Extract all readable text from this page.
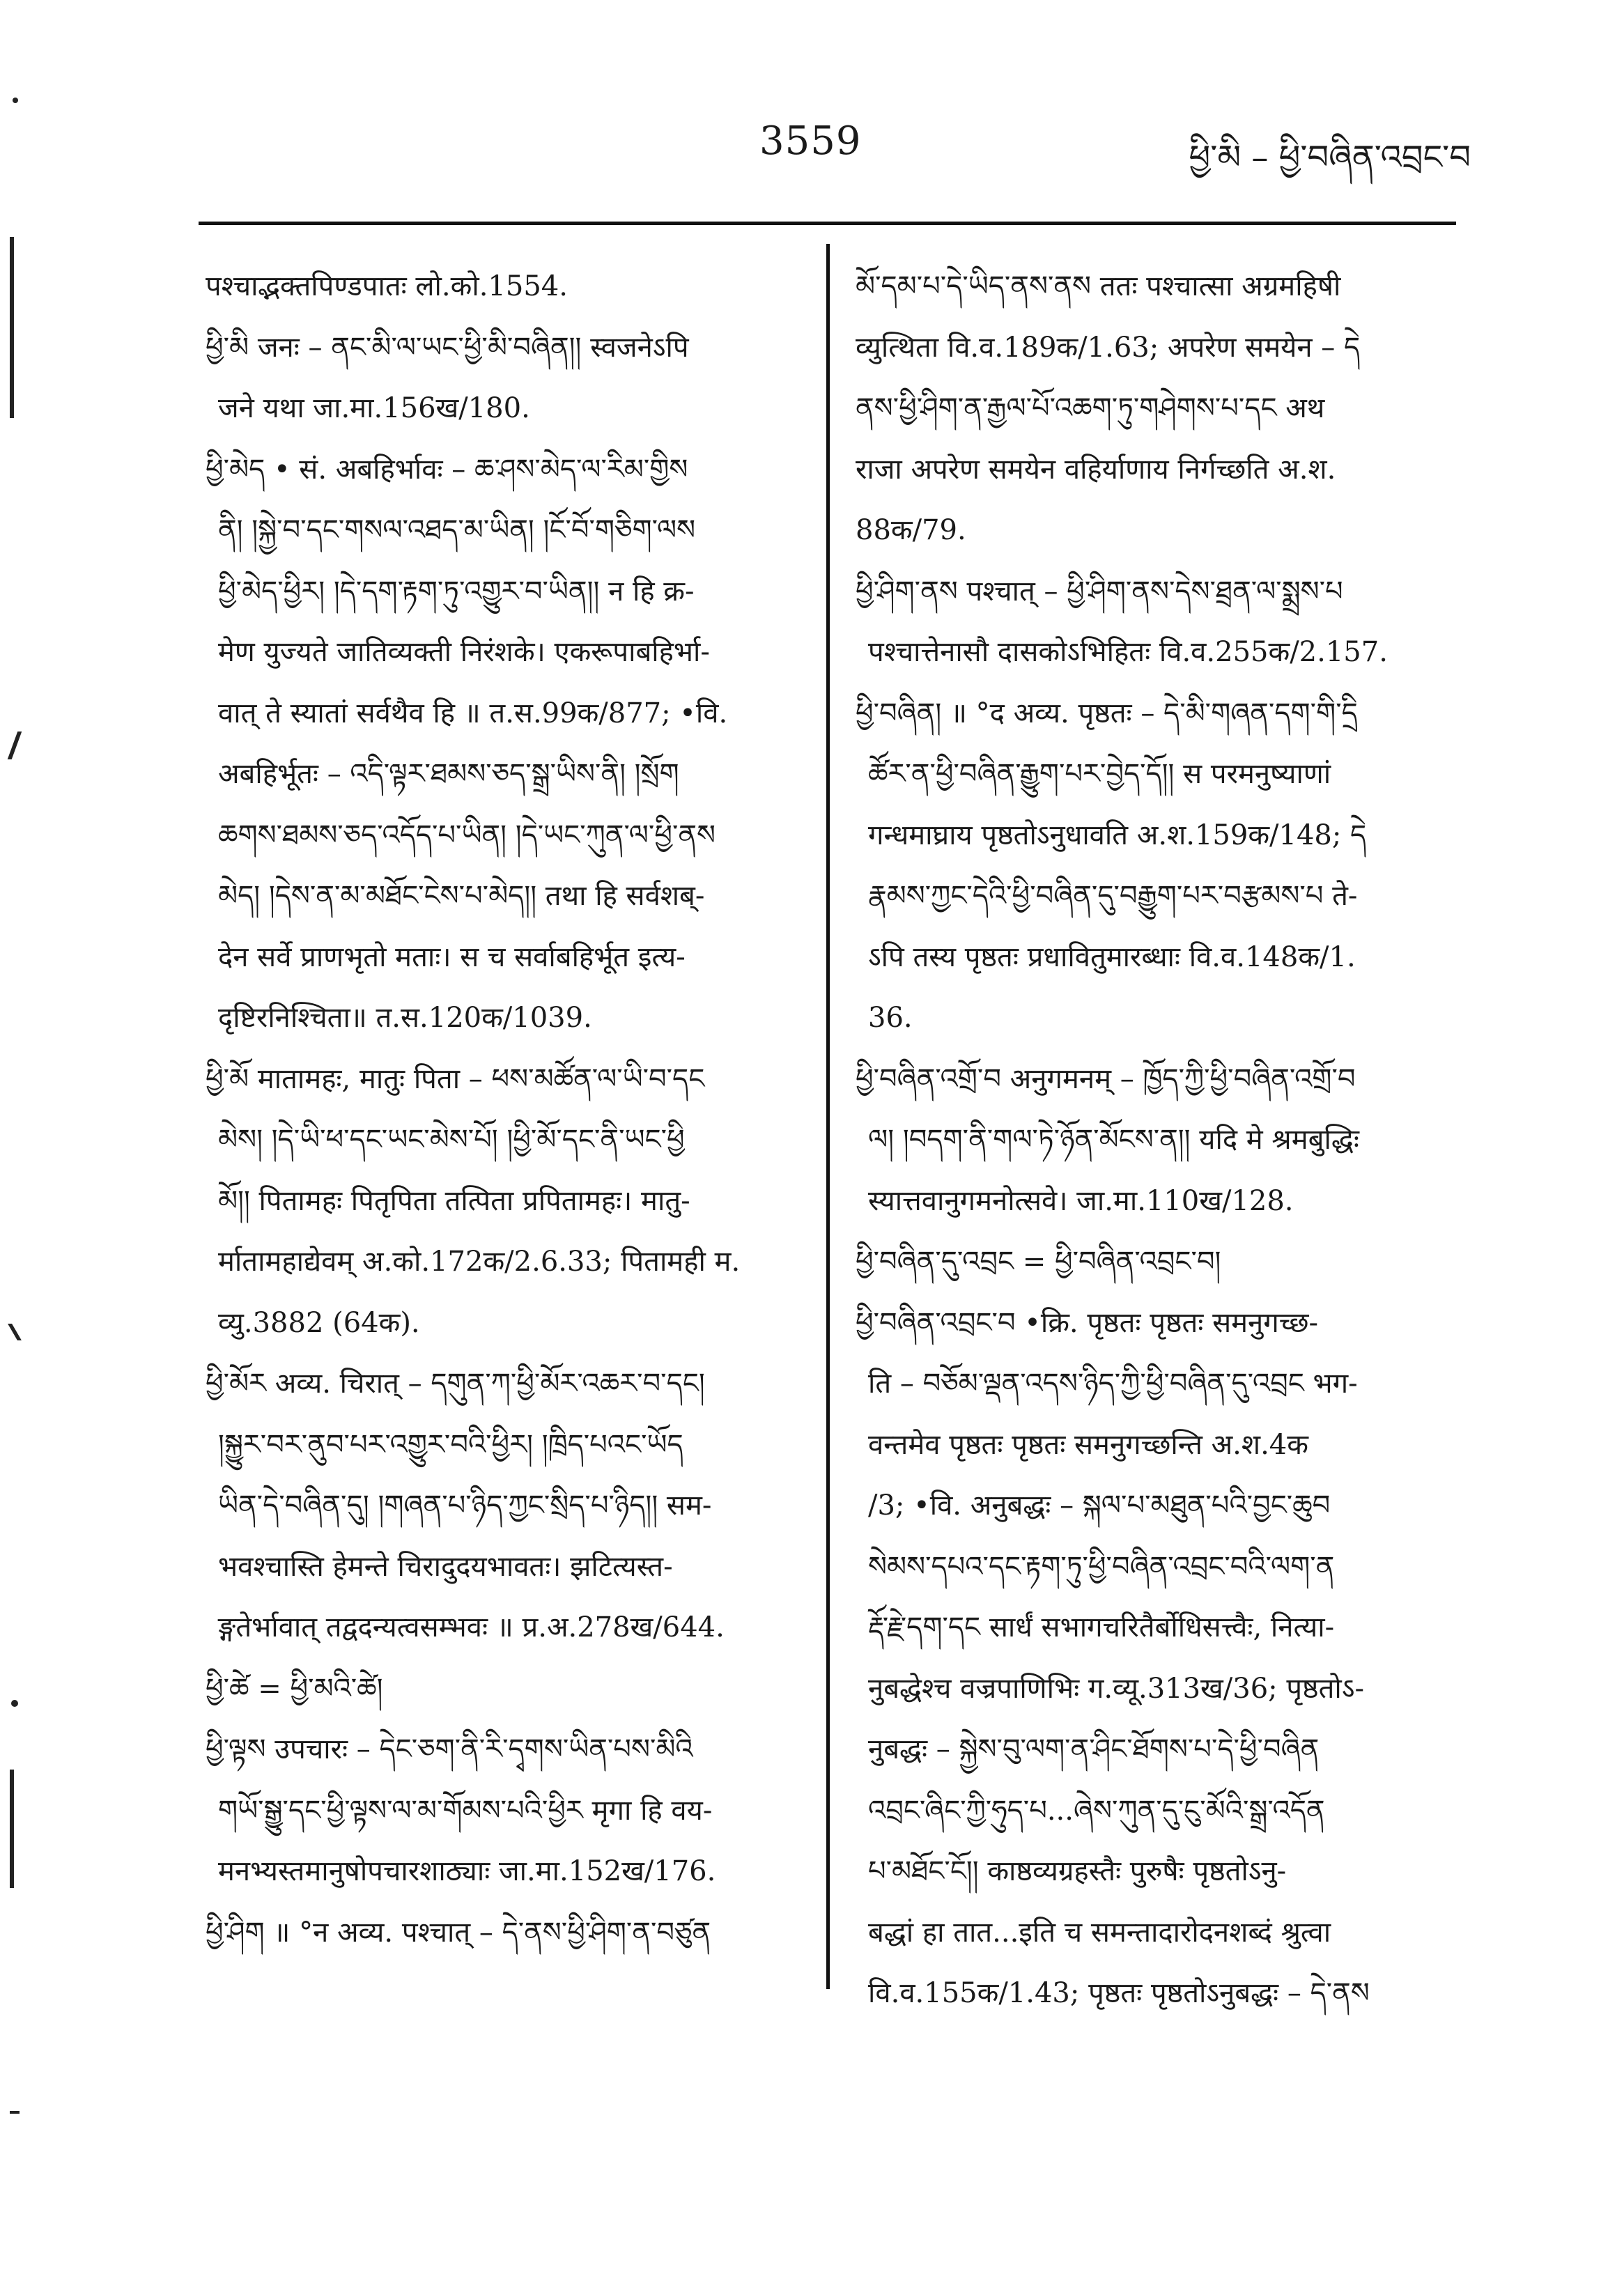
3559	ཕྱི་མི – ཕྱི་བཞིན་འབྲང་བ
पश्चाद्भक्तपिण्डपातः लो.को.1554.
ཕྱི་མི जनः – ནང་མི་ལ་ཡང་ཕྱི་མི་བཞིན།། स्वजनेऽपि
जने यथा जा.मा.156ख/180.
ཕྱི་མེད • सं. अबहिर्भावः – ཆ་ཤས་མེད་ལ་རིམ་གྱིས
ནི། །སྐྱེ་བ་དང་གསལ་འཐད་མ་ཡིན། །ངོ་བོ་གཅིག་ལས
ཕྱི་མེད་ཕྱིར། །དེ་དག་རྟག་ཏུ་འགྱུར་བ་ཡིན།། न हि क्र-
मेण युज्यते जातिव्यक्ती निरंशके। एकरूपाबहिर्भा-
वात् ते स्यातां सर्वथैव हि ॥ त.स.99क/877; •वि.
अबहिर्भूतः – འདི་ལྟར་ཐམས་ཅད་སྒྲ་ཡིས་ནི། །སྲོག
ཆགས་ཐམས་ཅད་འདོད་པ་ཡིན། །དེ་ཡང་ཀུན་ལ་ཕྱི་ནས
མེད། །དེས་ན་མ་མཐོང་ངེས་པ་མེད།། तथा हि सर्वशब्-
देन सर्वे प्राणभृतो मताः। स च सर्वाबहिर्भूत इत्य-
दृष्टिरनिश्चिता॥ त.स.120क/1039.
ཕྱི་མོ मातामहः, मातुः पिता – ཕས་མཚོན་ལ་ཡི་བ་དང
མེས། །དེ་ཡི་ཕ་དང་ཡང་མེས་པོ། །ཕྱི་མོ་དང་ནི་ཡང་ཕྱི
མོ།། पितामहः पितृपिता तत्पिता प्रपितामहः। मातु-
र्मातामहाद्येवम् अ.को.172क/2.6.33; पितामही म.
व्यु.3882 (64क).
ཕྱི་མོར अव्य. चिरात् – དགུན་ཀ་ཕྱི་མོར་འཆར་བ་དང།
།སྐྱུར་བར་ནུབ་པར་འགྱུར་བའི་ཕྱིར། །ཁྲིད་པའང་ཡོད
ཡིན་དེ་བཞིན་དུ། །གཞན་པ་ཉིད་ཀྱང་སྲིད་པ་ཉིད།། सम-
भवश्चास्ति हेमन्ते चिरादुदयभावतः। झटित्यस्त-
ङ्गतेर्भावात् तद्वदन्यत्वसम्भवः ॥ प्र.अ.278ख/644.
ཕྱི་ཚེ = ཕྱི་མའི་ཚེ།
ཕྱི་ལྟས उपचारः – དེང་ཅག་ནི་རི་དྭགས་ཡིན་པས་མིའི
གཡོ་སྒྱུ་དང་ཕྱི་ལྟས་ལ་མ་གོམས་པའི་ཕྱིར मृगा हि वय-
मनभ्यस्तमानुषोपचारशाठ्याः जा.मा.152ख/176.
ཕྱི་ཤིག ॥ °न अव्य. पश्चात् – དེ་ནས་ཕྱི་ཤིག་ན་བཙུན
མོ་དམ་པ་དེ་ཡིད་ནས་ནས ततः पश्चात्सा अग्रमहिषी
व्युत्थिता वि.व.189क/1.63; अपरेण समयेन – དེ
ནས་ཕྱི་ཤིག་ན་རྒྱལ་པོ་འཆག་ཏུ་གཤེགས་པ་དང अथ
राजा अपरेण समयेन वहिर्याणाय निर्गच्छति अ.श.
88क/79.
ཕྱི་ཤིག་ནས पश्चात् – ཕྱི་ཤིག་ནས་དེས་ཐྲན་ལ་སྨྲས་པ
पश्चात्तेनासौ दासकोऽभिहितः वि.व.255क/2.157.
ཕྱི་བཞིན། ॥ °द अव्य. पृष्ठतः – དེ་མི་གཞན་དག་གི་དྲི
ཚོར་ན་ཕྱི་བཞིན་རྒྱུག་པར་བྱེད་དོ།། स परमनुष्याणां
गन्धमाघ्राय पृष्ठतोऽनुधावति अ.श.159क/148; དེ
རྣམས་ཀྱང་དེའི་ཕྱི་བཞིན་དུ་བརྒྱུག་པར་བརྩམས་པ ते-
ऽपि तस्य पृष्ठतः प्रधावितुमारब्धाः वि.व.148क/1.
36.
ཕྱི་བཞིན་འགྲོ་བ अनुगमनम् – ཁྱོད་ཀྱི་ཕྱི་བཞིན་འགྲོ་བ
ལ། །བདག་ནི་གལ་ཏེ་ཉོན་མོངས་ན།། यदि मे श्रमबुद्धिः
स्यात्तवानुगमनोत्सवे। जा.मा.110ख/128.
ཕྱི་བཞིན་དུ་འབྲང = ཕྱི་བཞིན་འབྲང་བ།
ཕྱི་བཞིན་འབྲང་བ •क्रि. पृष्ठतः पृष्ठतः समनुगच्छ-
ति – བཅོམ་ལྡན་འདས་ཉིད་ཀྱི་ཕྱི་བཞིན་དུ་འབྲང भग-
वन्तमेव पृष्ठतः पृष्ठतः समनुगच्छन्ति अ.श.4क
/3; •वि. अनुबद्धः – སྐལ་པ་མཐུན་པའི་བྱང་ཆུབ
སེམས་དཔའ་དང་རྟག་ཏུ་ཕྱི་བཞིན་འབྲང་བའི་ལག་ན
རྡོ་རྗེ་དག་དང सार्धं सभागचरितैर्बोधिसत्त्वैः, नित्या-
नुबद्धेश्च वज्रपाणिभिः ग.व्यू.313ख/36; पृष्ठतोऽ-
नुबद्धः – སྐྱེས་བུ་ལག་ན་ཤིང་ཐོགས་པ་དེ་ཕྱི་བཞིན
འབྲང་ཞིང་ཀྱི་ཧུད་པ...ཞེས་ཀུན་དུ་ངུ་མོའི་སྒྲ་འདོན
པ་མཐོང་ངོ།། काष्ठव्यग्रहस्तैः पुरुषैः पृष्ठतोऽनु-
बद्धां हा तात...इति च समन्तादारोदनशब्दं श्रुत्वा
वि.व.155क/1.43; पृष्ठतः पृष्ठतोऽनुबद्धः – དེ་ནས
